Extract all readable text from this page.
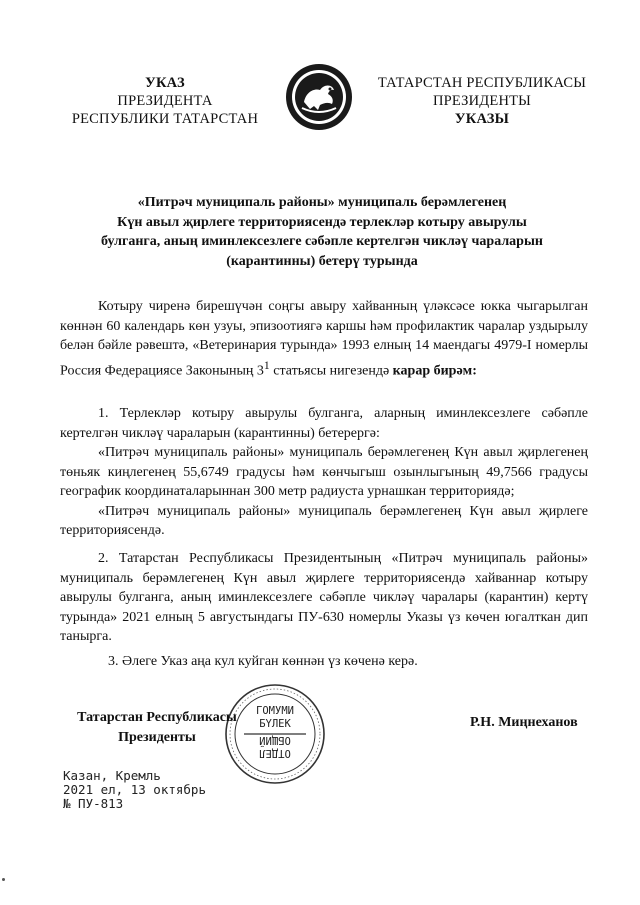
УКАЗ
ПРЕЗИДЕНТА
РЕСПУБЛИКИ ТАТАРСТАН
ТАТАРСТАН РЕСПУБЛИКАСЫ
ПРЕЗИДЕНТЫ
УКАЗЫ
«Питрәч муниципаль районы» муниципаль берәмлегенең
Күн авыл җирлеге территориясендә терлекләр котыру авырулы
булганга, аның иминлексезлеге сәбәпле кертелгән чикләү чараларын
(карантинны) бетерү турында

Котыру чиренә бирешүчән соңгы авыру хайванның үләксәсе юкка чыгарылган көннән 60 календарь көн узуы, эпизоотиягә каршы һәм профилактик чаралар уздырылу белән бәйле рәвештә, «Ветеринария турында» 1993 елның 14 маендагы 4979-I номерлы Россия Федерациясе Законының $3^1$ статьясы нигезендә карар бирәм:

1. Терлекләр котыру авырулы булганга, аларның иминлексезлеге сәбәпле кертелгән чикләү чараларын (карантинны) бетерергә:

«Питрәч муниципаль районы» муниципаль берәмлегенең Күн авыл җирлегенең төньяк киңлегенең 55,6749 градусы һәм көнчыгыш озынлыгының 49,7566 градусы географик координаталарыннан 300 метр радиуста урнашкан территориядә;

«Питрәч муниципаль районы» муниципаль берәмлегенең Күн авыл җирлеге территориясендә.

2. Татарстан Республикасы Президентының «Питрәч муниципаль районы» муниципаль берәмлегенең Күн авыл җирлеге территориясендә хайваннар котыру авырулы булганга, аның иминлексезлеге сәбәпле чикләү чаралары (карантин) кертү турында» 2021 елның 5 августындагы ПУ-630 номерлы Указы үз көчен югалткан дип танырга.

3. Әлеге Указ аңа кул куйган көннән үз көченә керә.

ГОМУМИ
БҮЛЕК
ОБЩИЙ
ОТДЕЛ
Татарстан Республикасы
Президенты
Р.Н. Миңнеханов
Казан, Кремль
2021 ел, 13 октябрь
№ ПУ-813
